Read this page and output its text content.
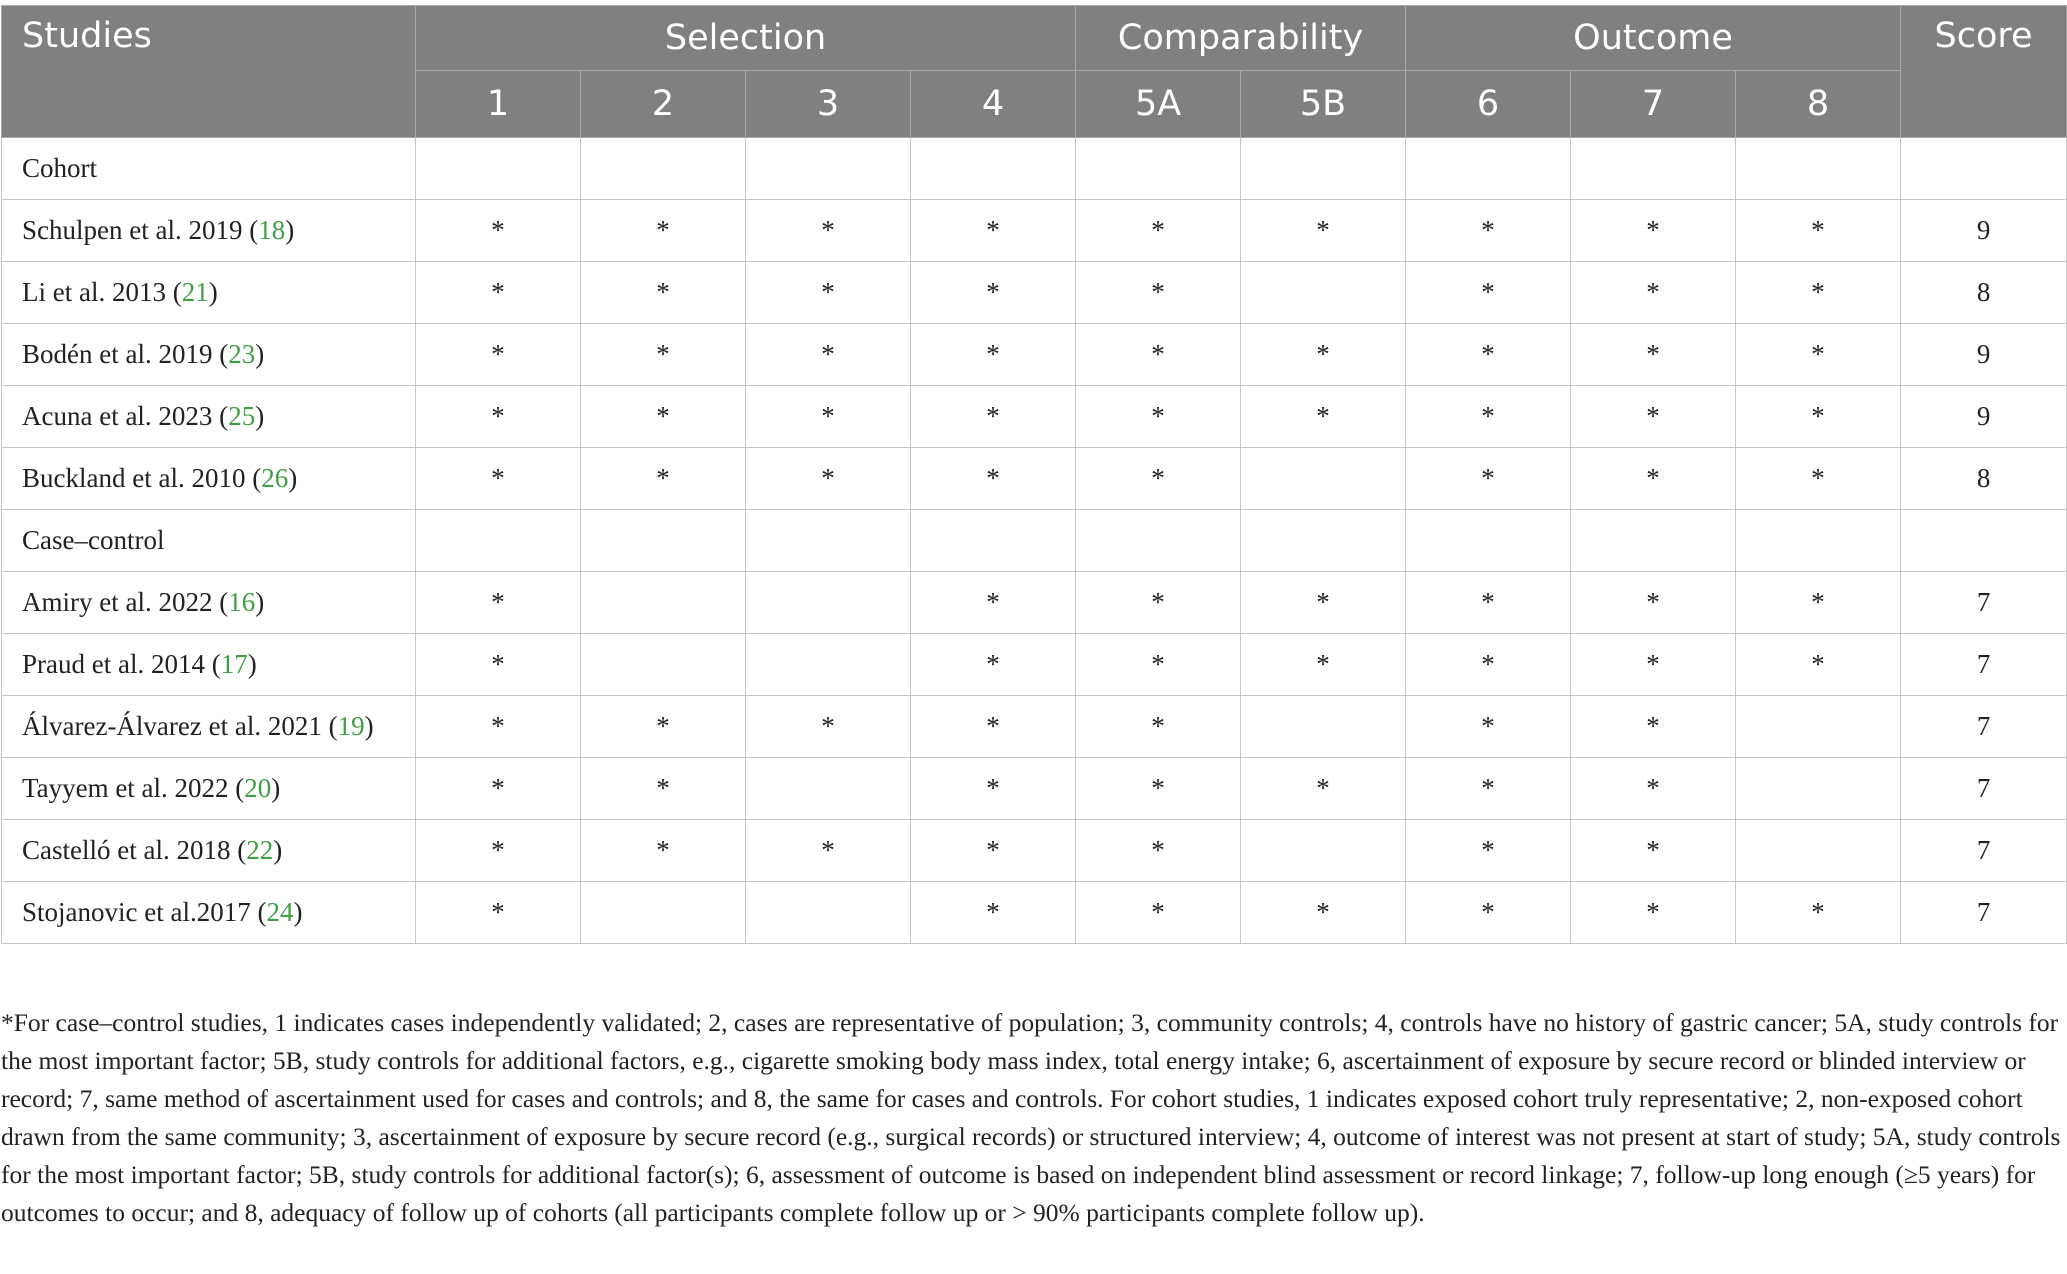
Studies	Selection				Comparability		Outcome			Score
	1	2	3	4	5A	5B	6	7	8	
Cohort										
Schulpen et al. 2019 (18)	*	*	*	*	*	*	*	*	*	9
Li et al. 2013 (21)	*	*	*	*	*		*	*	*	8
Bodén et al. 2019 (23)	*	*	*	*	*	*	*	*	*	9
Acuna et al. 2023 (25)	*	*	*	*	*	*	*	*	*	9
Buckland et al. 2010 (26)	*	*	*	*	*		*	*	*	8
Case–control										
Amiry et al. 2022 (16)	*			*	*	*	*	*	*	7
Praud et al. 2014 (17)	*			*	*	*	*	*	*	7
Álvarez-Álvarez et al. 2021 (19)	*	*	*	*	*		*	*		7
Tayyem et al. 2022 (20)	*	*		*	*	*	*	*		7
Castelló et al. 2018 (22)	*	*	*	*	*		*	*		7
Stojanovic et al.2017 (24)	*			*	*	*	*	*	*	7

*For case–control studies, 1 indicates cases independently validated; 2, cases are representative of population; 3, community controls; 4, controls have no history of gastric cancer; 5A, study controls for the most important factor; 5B, study controls for additional factors, e.g., cigarette smoking body mass index, total energy intake; 6, ascertainment of exposure by secure record or blinded interview or record; 7, same method of ascertainment used for cases and controls; and 8, the same for cases and controls. For cohort studies, 1 indicates exposed cohort truly representative; 2, non-exposed cohort drawn from the same community; 3, ascertainment of exposure by secure record (e.g., surgical records) or structured interview; 4, outcome of interest was not present at start of study; 5A, study controls for the most important factor; 5B, study controls for additional factor(s); 6, assessment of outcome is based on independent blind assessment or record linkage; 7, follow-up long enough (≥5 years) for outcomes to occur; and 8, adequacy of follow up of cohorts (all participants complete follow up or > 90% participants complete follow up).
